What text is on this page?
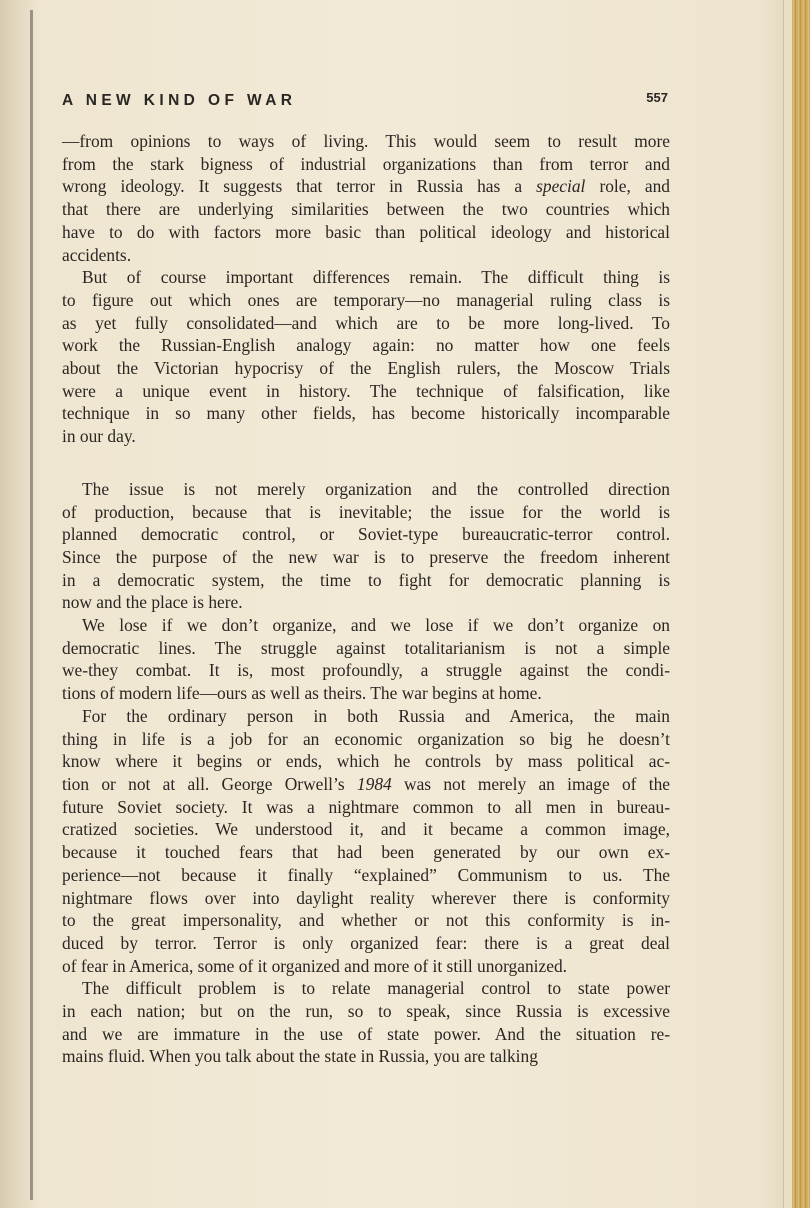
A NEW KIND OF WAR	557

—from opinions to ways of living. This would seem to result more
from the stark bigness of industrial organizations than from terror and
wrong ideology. It suggests that terror in Russia has a special role, and
that there are underlying similarities between the two countries which
have to do with factors more basic than political ideology and historical
accidents.

But of course important differences remain. The difficult thing is
to figure out which ones are temporary—no managerial ruling class is
as yet fully consolidated—and which are to be more long-lived. To
work the Russian-English analogy again: no matter how one feels
about the Victorian hypocrisy of the English rulers, the Moscow Trials
were a unique event in history. The technique of falsification, like
technique in so many other fields, has become historically incomparable
in our day.

The issue is not merely organization and the controlled direction
of production, because that is inevitable; the issue for the world is
planned democratic control, or Soviet-type bureaucratic-terror control.
Since the purpose of the new war is to preserve the freedom inherent
in a democratic system, the time to fight for democratic planning is
now and the place is here.

We lose if we don’t organize, and we lose if we don’t organize on
democratic lines. The struggle against totalitarianism is not a simple
we-they combat. It is, most profoundly, a struggle against the condi-
tions of modern life—ours as well as theirs. The war begins at home.

For the ordinary person in both Russia and America, the main
thing in life is a job for an economic organization so big he doesn’t
know where it begins or ends, which he controls by mass political ac-
tion or not at all. George Orwell’s 1984 was not merely an image of the
future Soviet society. It was a nightmare common to all men in bureau-
cratized societies. We understood it, and it became a common image,
because it touched fears that had been generated by our own ex-
perience—not because it finally “explained” Communism to us. The
nightmare flows over into daylight reality wherever there is conformity
to the great impersonality, and whether or not this conformity is in-
duced by terror. Terror is only organized fear: there is a great deal
of fear in America, some of it organized and more of it still unorganized.

The difficult problem is to relate managerial control to state power
in each nation; but on the run, so to speak, since Russia is excessive
and we are immature in the use of state power. And the situation re-
mains fluid. When you talk about the state in Russia, you are talking
